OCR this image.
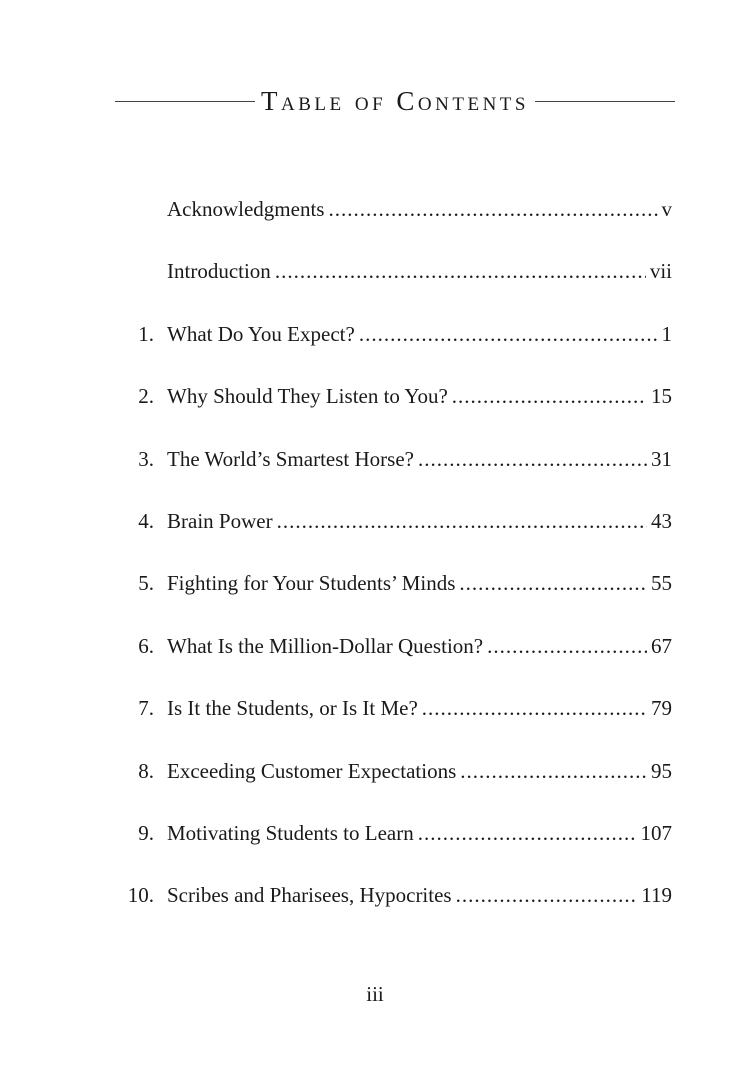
Table of Contents
Acknowledgments .....	v
Introduction .....	vii
1. What Do You Expect? .....	1
2. Why Should They Listen to You? .....	15
3. The World’s Smartest Horse? .....	31
4. Brain Power .....	43
5. Fighting for Your Students’ Minds .....	55
6. What Is the Million-Dollar Question? .....	67
7. Is It the Students, or Is It Me? .....	79
8. Exceeding Customer Expectations .....	95
9. Motivating Students to Learn .....	107
10. Scribes and Pharisees, Hypocrites .....	119
iii
